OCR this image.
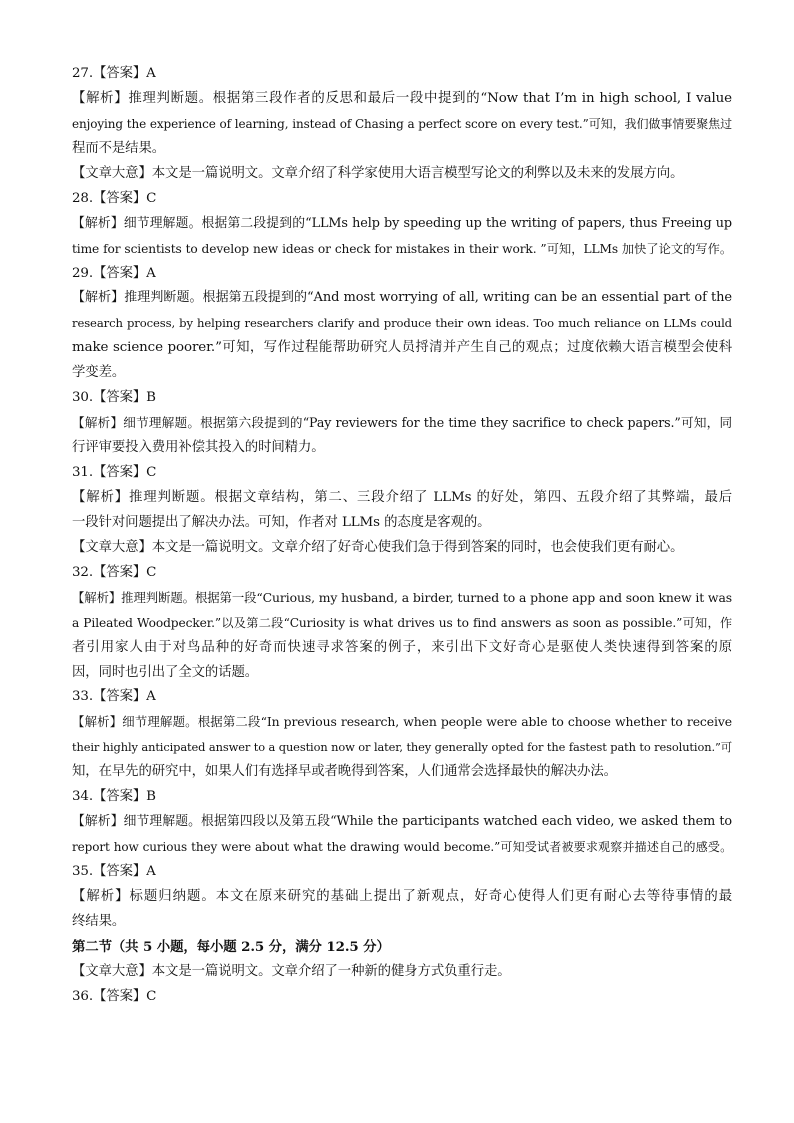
27.【答案】A
【解析】推理判断题。根据第三段作者的反思和最后一段中提到的“Now that I’m in high school, I value
enjoying the experience of learning, instead of Chasing a perfect score on every test.”可知，我们做事情要聚焦过
程而不是结果。
【文章大意】本文是一篇说明文。文章介绍了科学家使用大语言模型写论文的利弊以及未来的发展方向。
28.【答案】C
【解析】细节理解题。根据第二段提到的“LLMs help by speeding up the writing of papers, thus Freeing up
time for scientists to develop new ideas or check for mistakes in their work. ”可知，LLMs 加快了论文的写作。
29.【答案】A
【解析】推理判断题。根据第五段提到的“And most worrying of all, writing can be an essential part of the
research process, by helping researchers clarify and produce their own ideas. Too much reliance on LLMs could
make science poorer.”可知，写作过程能帮助研究人员捋清并产生自己的观点；过度依赖大语言模型会使科
学变差。
30.【答案】B
【解析】细节理解题。根据第六段提到的“Pay reviewers for the time they sacrifice to check papers.”可知，同
行评审要投入费用补偿其投入的时间精力。
31.【答案】C
【解析】推理判断题。根据文章结构，第二、三段介绍了 LLMs 的好处，第四、五段介绍了其弊端，最后
一段针对问题提出了解决办法。可知，作者对 LLMs 的态度是客观的。
【文章大意】本文是一篇说明文。文章介绍了好奇心使我们急于得到答案的同时，也会使我们更有耐心。
32.【答案】C
【解析】推理判断题。根据第一段“Curious, my husband, a birder, turned to a phone app and soon knew it was
a Pileated Woodpecker.”以及第二段“Curiosity is what drives us to find answers as soon as possible.”可知，作
者引用家人由于对鸟品种的好奇而快速寻求答案的例子，来引出下文好奇心是驱使人类快速得到答案的原
因，同时也引出了全文的话题。
33.【答案】A
【解析】细节理解题。根据第二段“In previous research, when people were able to choose whether to receive
their highly anticipated answer to a question now or later, they generally opted for the fastest path to resolution.”可
知，在早先的研究中，如果人们有选择早或者晚得到答案，人们通常会选择最快的解决办法。
34.【答案】B
【解析】细节理解题。根据第四段以及第五段“While the participants watched each video, we asked them to
report how curious they were about what the drawing would become.”可知受试者被要求观察并描述自己的感受。
35.【答案】A
【解析】标题归纳题。本文在原来研究的基础上提出了新观点，好奇心使得人们更有耐心去等待事情的最
终结果。
第二节（共 5 小题，每小题 2.5 分，满分 12.5 分）
【文章大意】本文是一篇说明文。文章介绍了一种新的健身方式负重行走。
36.【答案】C
